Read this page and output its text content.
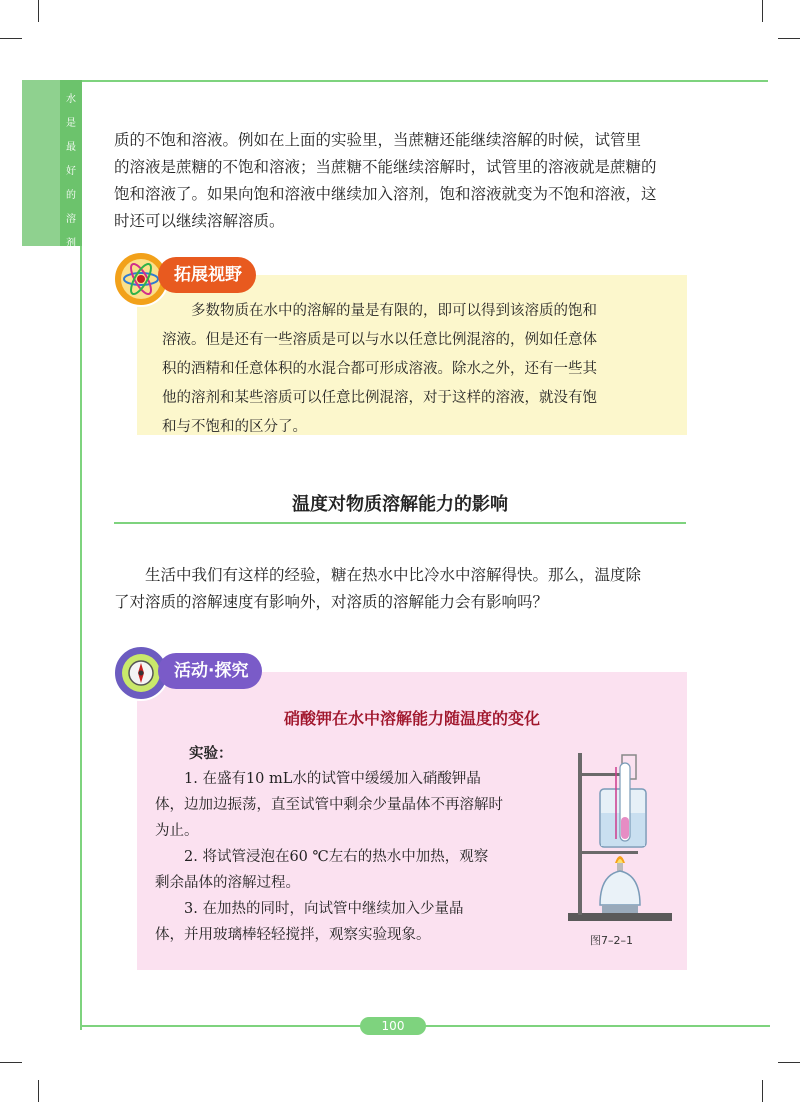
水
是
最
好
的
溶
剂
质的不饱和溶液。例如在上面的实验里，当蔗糖还能继续溶解的时候，试管里
的溶液是蔗糖的不饱和溶液；当蔗糖不能继续溶解时，试管里的溶液就是蔗糖的
饱和溶液了。如果向饱和溶液中继续加入溶剂，饱和溶液就变为不饱和溶液，这
时还可以继续溶解溶质。
拓展视野
　　多数物质在水中的溶解的量是有限的，即可以得到该溶质的饱和
溶液。但是还有一些溶质是可以与水以任意比例混溶的，例如任意体
积的酒精和任意体积的水混合都可形成溶液。除水之外，还有一些其
他的溶剂和某些溶质可以任意比例混溶，对于这样的溶液，就没有饱
和与不饱和的区分了。
温度对物质溶解能力的影响
　　生活中我们有这样的经验，糖在热水中比冷水中溶解得快。那么，温度除
了对溶质的溶解速度有影响外，对溶质的溶解能力会有影响吗？
活动·探究
硝酸钾在水中溶解能力随温度的变化
实验：
　　1. 在盛有10 mL水的试管中缓缓加入硝酸钾晶
体，边加边振荡，直至试管中剩余少量晶体不再溶解时
为止。
　　2. 将试管浸泡在60 ℃左右的热水中加热，观察
剩余晶体的溶解过程。
　　3. 在加热的同时，向试管中继续加入少量晶
体，并用玻璃棒轻轻搅拌，观察实验现象。	图7–2–1
100
